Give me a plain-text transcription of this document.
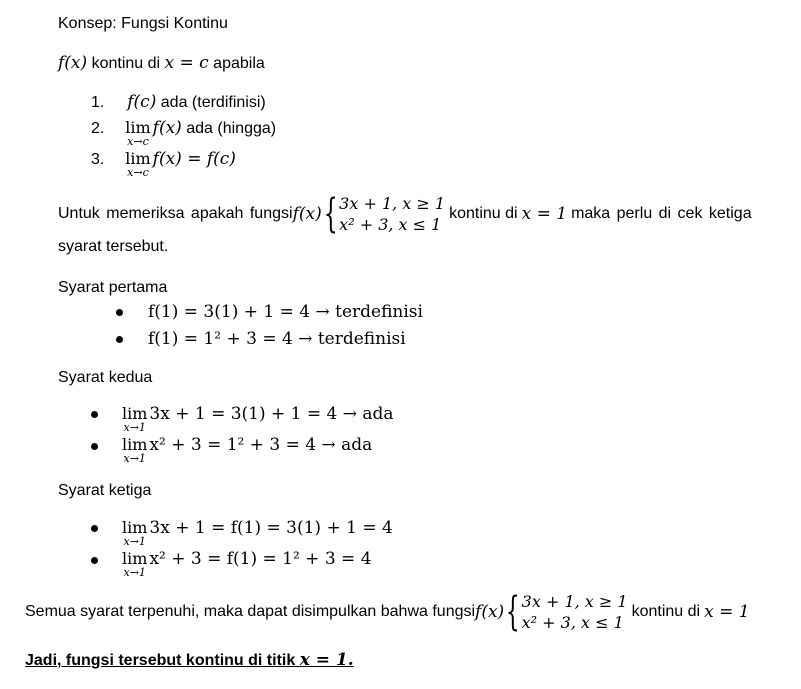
Konsep: Fungsi Kontinu
f(x) kontinu di x = c apabila
1. f(c) ada (terdifinisi)
2. lim
x→c
f(x) ada (hingga)
3. lim
x→c
f(x) = f(c)
Untuk memeriksa apakah fungsi f(x) { 3x + 1, x ≥ 1
x² + 3, x ≤ 1
kontinu di x = 1 maka perlu di cek ketiga
syarat tersebut.
Syarat pertama
f(1) = 3(1) + 1 = 4 → terdefinisi
f(1) = 1² + 3 = 4 → terdefinisi
Syarat kedua
lim
x→1
3x + 1 = 3(1) + 1 = 4 → ada
lim
x→1
x² + 3 = 1² + 3 = 4 → ada
Syarat ketiga
lim
x→1
3x + 1 = f(1) = 3(1) + 1 = 4
lim
x→1
x² + 3 = f(1) = 1² + 3 = 4
Semua syarat terpenuhi, maka dapat disimpulkan bahwa fungsi f(x) { 3x + 1, x ≥ 1
x² + 3, x ≤ 1
kontinu di x = 1
Jadi, fungsi tersebut kontinu di titik x = 1.
